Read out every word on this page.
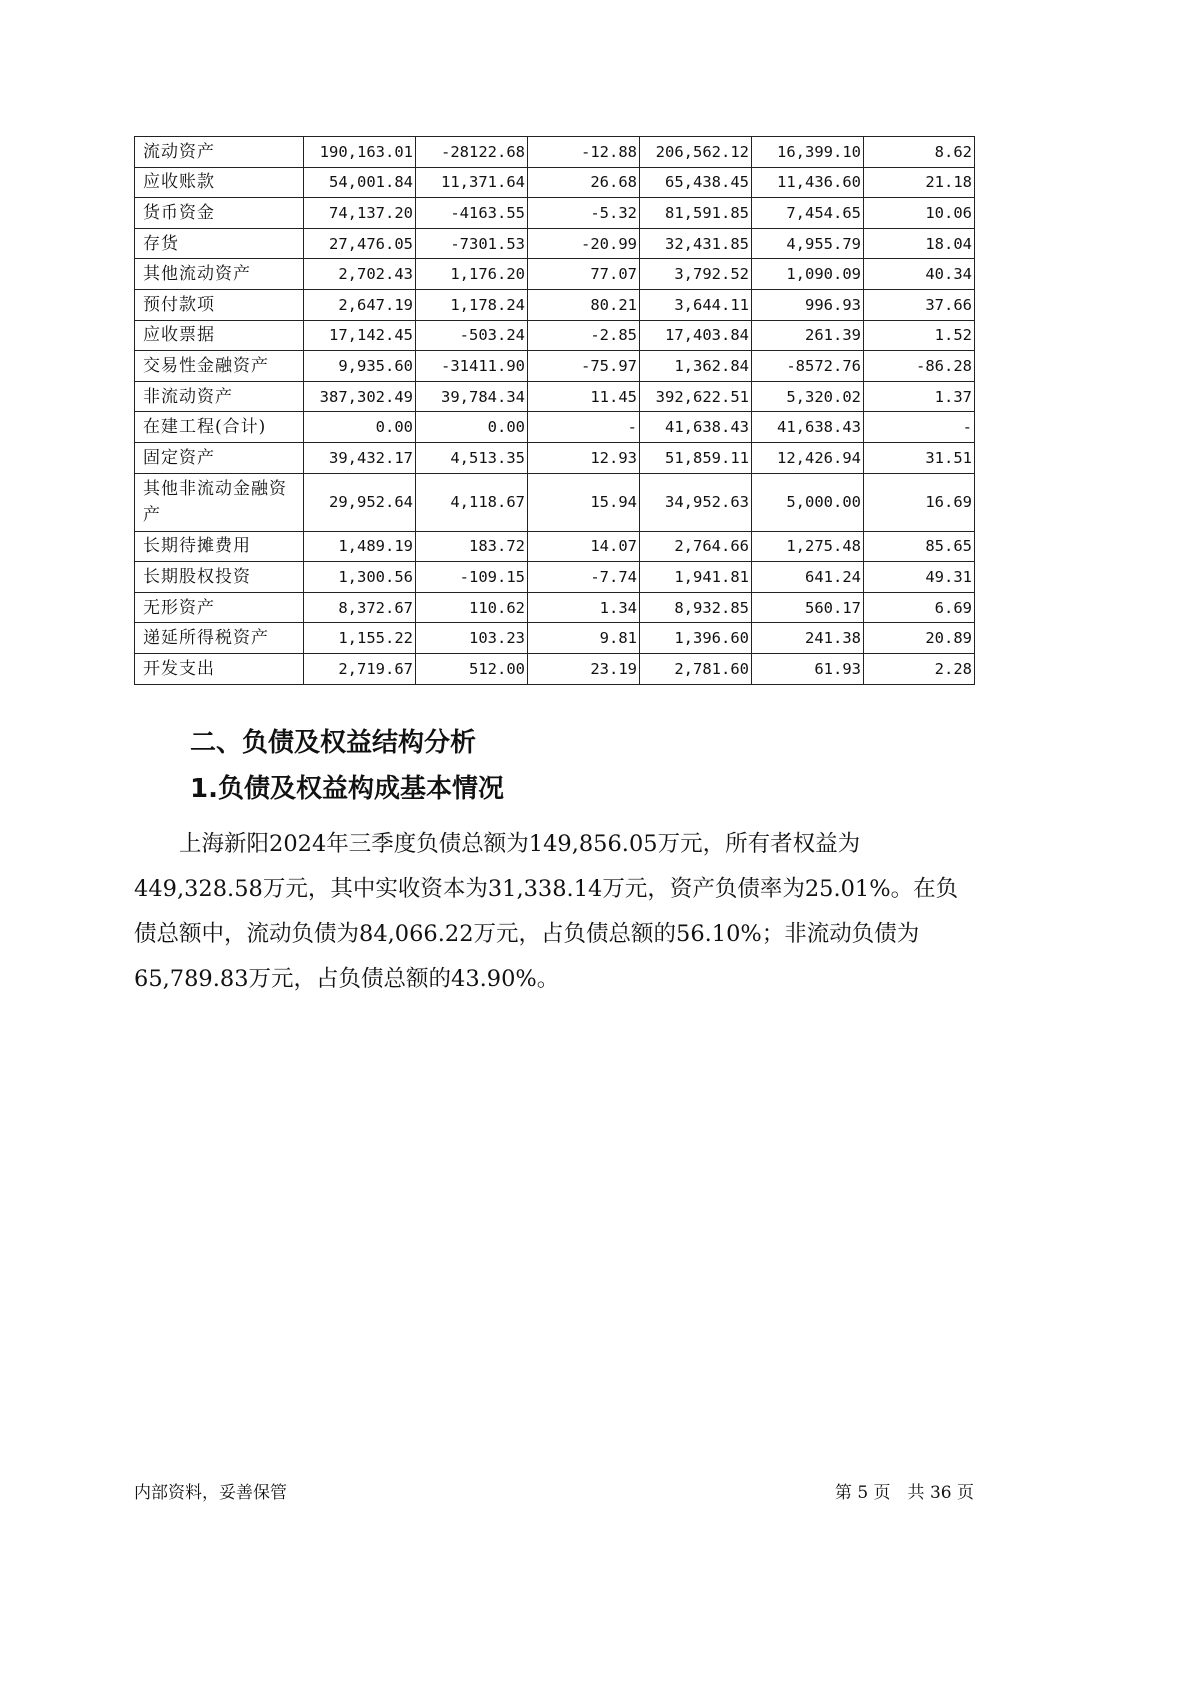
流动资产	190,163.01	-28122.68	-12.88	206,562.12	16,399.10	8.62
应收账款	54,001.84	11,371.64	26.68	65,438.45	11,436.60	21.18
货币资金	74,137.20	-4163.55	-5.32	81,591.85	7,454.65	10.06
存货	27,476.05	-7301.53	-20.99	32,431.85	4,955.79	18.04
其他流动资产	2,702.43	1,176.20	77.07	3,792.52	1,090.09	40.34
预付款项	2,647.19	1,178.24	80.21	3,644.11	996.93	37.66
应收票据	17,142.45	-503.24	-2.85	17,403.84	261.39	1.52
交易性金融资产	9,935.60	-31411.90	-75.97	1,362.84	-8572.76	-86.28
非流动资产	387,302.49	39,784.34	11.45	392,622.51	5,320.02	1.37
在建工程(合计)	0.00	0.00	-	41,638.43	41,638.43	-
固定资产	39,432.17	4,513.35	12.93	51,859.11	12,426.94	31.51
其他非流动金融资产	29,952.64	4,118.67	15.94	34,952.63	5,000.00	16.69
长期待摊费用	1,489.19	183.72	14.07	2,764.66	1,275.48	85.65
长期股权投资	1,300.56	-109.15	-7.74	1,941.81	641.24	49.31
无形资产	8,372.67	110.62	1.34	8,932.85	560.17	6.69
递延所得税资产	1,155.22	103.23	9.81	1,396.60	241.38	20.89
开发支出	2,719.67	512.00	23.19	2,781.60	61.93	2.28
二、负债及权益结构分析
1.负债及权益构成基本情况
上海新阳2024年三季度负债总额为149,856.05万元，所有者权益为449,328.58万元，其中实收资本为31,338.14万元，资产负债率为25.01%。在负债总额中，流动负债为84,066.22万元，占负债总额的56.10%；非流动负债为65,789.83万元，占负债总额的43.90%。
内部资料，妥善保管	第 5 页　共 36 页
